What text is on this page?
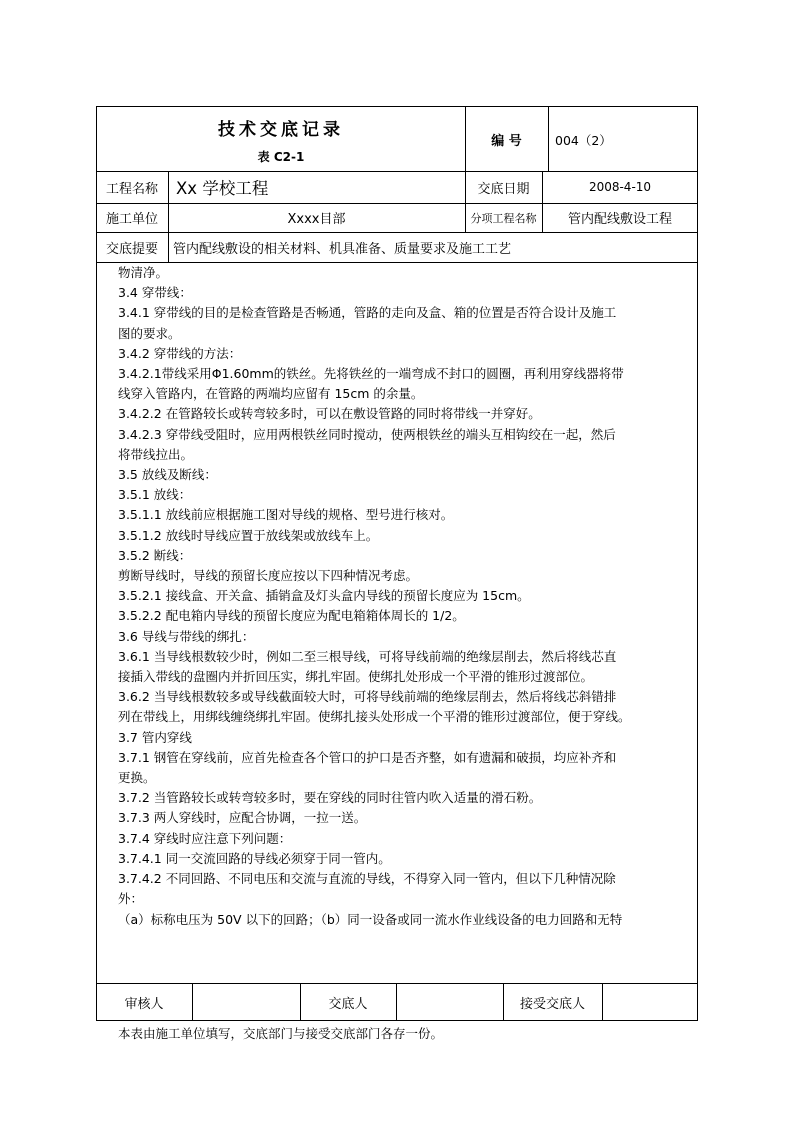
技术交底记录
表 C2-1
编 号	004（2）
工程名称	Xx 学校工程	交底日期	2008-4-10
施工单位	Xxxx目部	分项工程名称	管内配线敷设工程
交底提要	管内配线敷设的相关材料、机具准备、质量要求及施工工艺
物清净。
3.4 穿带线：
3.4.1 穿带线的目的是检查管路是否畅通，管路的走向及盒、箱的位置是否符合设计及施工
图的要求。
3.4.2 穿带线的方法：
3.4.2.1带线采用Φ1.60mm的铁丝。先将铁丝的一端弯成不封口的圆圈，再利用穿线器将带
线穿入管路内，在管路的两端均应留有 15cm 的余量。
3.4.2.2 在管路较长或转弯较多时，可以在敷设管路的同时将带线一并穿好。
3.4.2.3 穿带线受阻时，应用两根铁丝同时搅动，使两根铁丝的端头互相钩绞在一起，然后
将带线拉出。
3.5 放线及断线：
3.5.1 放线：
3.5.1.1 放线前应根据施工图对导线的规格、型号进行核对。
3.5.1.2 放线时导线应置于放线架或放线车上。
3.5.2 断线：
剪断导线时，导线的预留长度应按以下四种情况考虑。
3.5.2.1 接线盒、开关盒、插销盒及灯头盒内导线的预留长度应为 15cm。
3.5.2.2 配电箱内导线的预留长度应为配电箱箱体周长的 1/2。
3.6 导线与带线的绑扎：
3.6.1 当导线根数较少时，例如二至三根导线，可将导线前端的绝缘层削去，然后将线芯直
接插入带线的盘圈内并折回压实，绑扎牢固。使绑扎处形成一个平滑的锥形过渡部位。
3.6.2 当导线根数较多或导线截面较大时，可将导线前端的绝缘层削去，然后将线芯斜错排
列在带线上，用绑线缠绕绑扎牢固。使绑扎接头处形成一个平滑的锥形过渡部位，便于穿线。
3.7 管内穿线
3.7.1 钢管在穿线前，应首先检查各个管口的护口是否齐整，如有遗漏和破损，均应补齐和
更换。
3.7.2 当管路较长或转弯较多时，要在穿线的同时往管内吹入适量的滑石粉。
3.7.3 两人穿线时，应配合协调，一拉一送。
3.7.4 穿线时应注意下列问题：
3.7.4.1 同一交流回路的导线必须穿于同一管内。
3.7.4.2 不同回路、不同电压和交流与直流的导线，不得穿入同一管内，但以下几种情况除
外：
（a）标称电压为 50V 以下的回路；（b）同一设备或同一流水作业线设备的电力回路和无特
审核人	交底人	接受交底人
本表由施工单位填写，交底部门与接受交底部门各存一份。
